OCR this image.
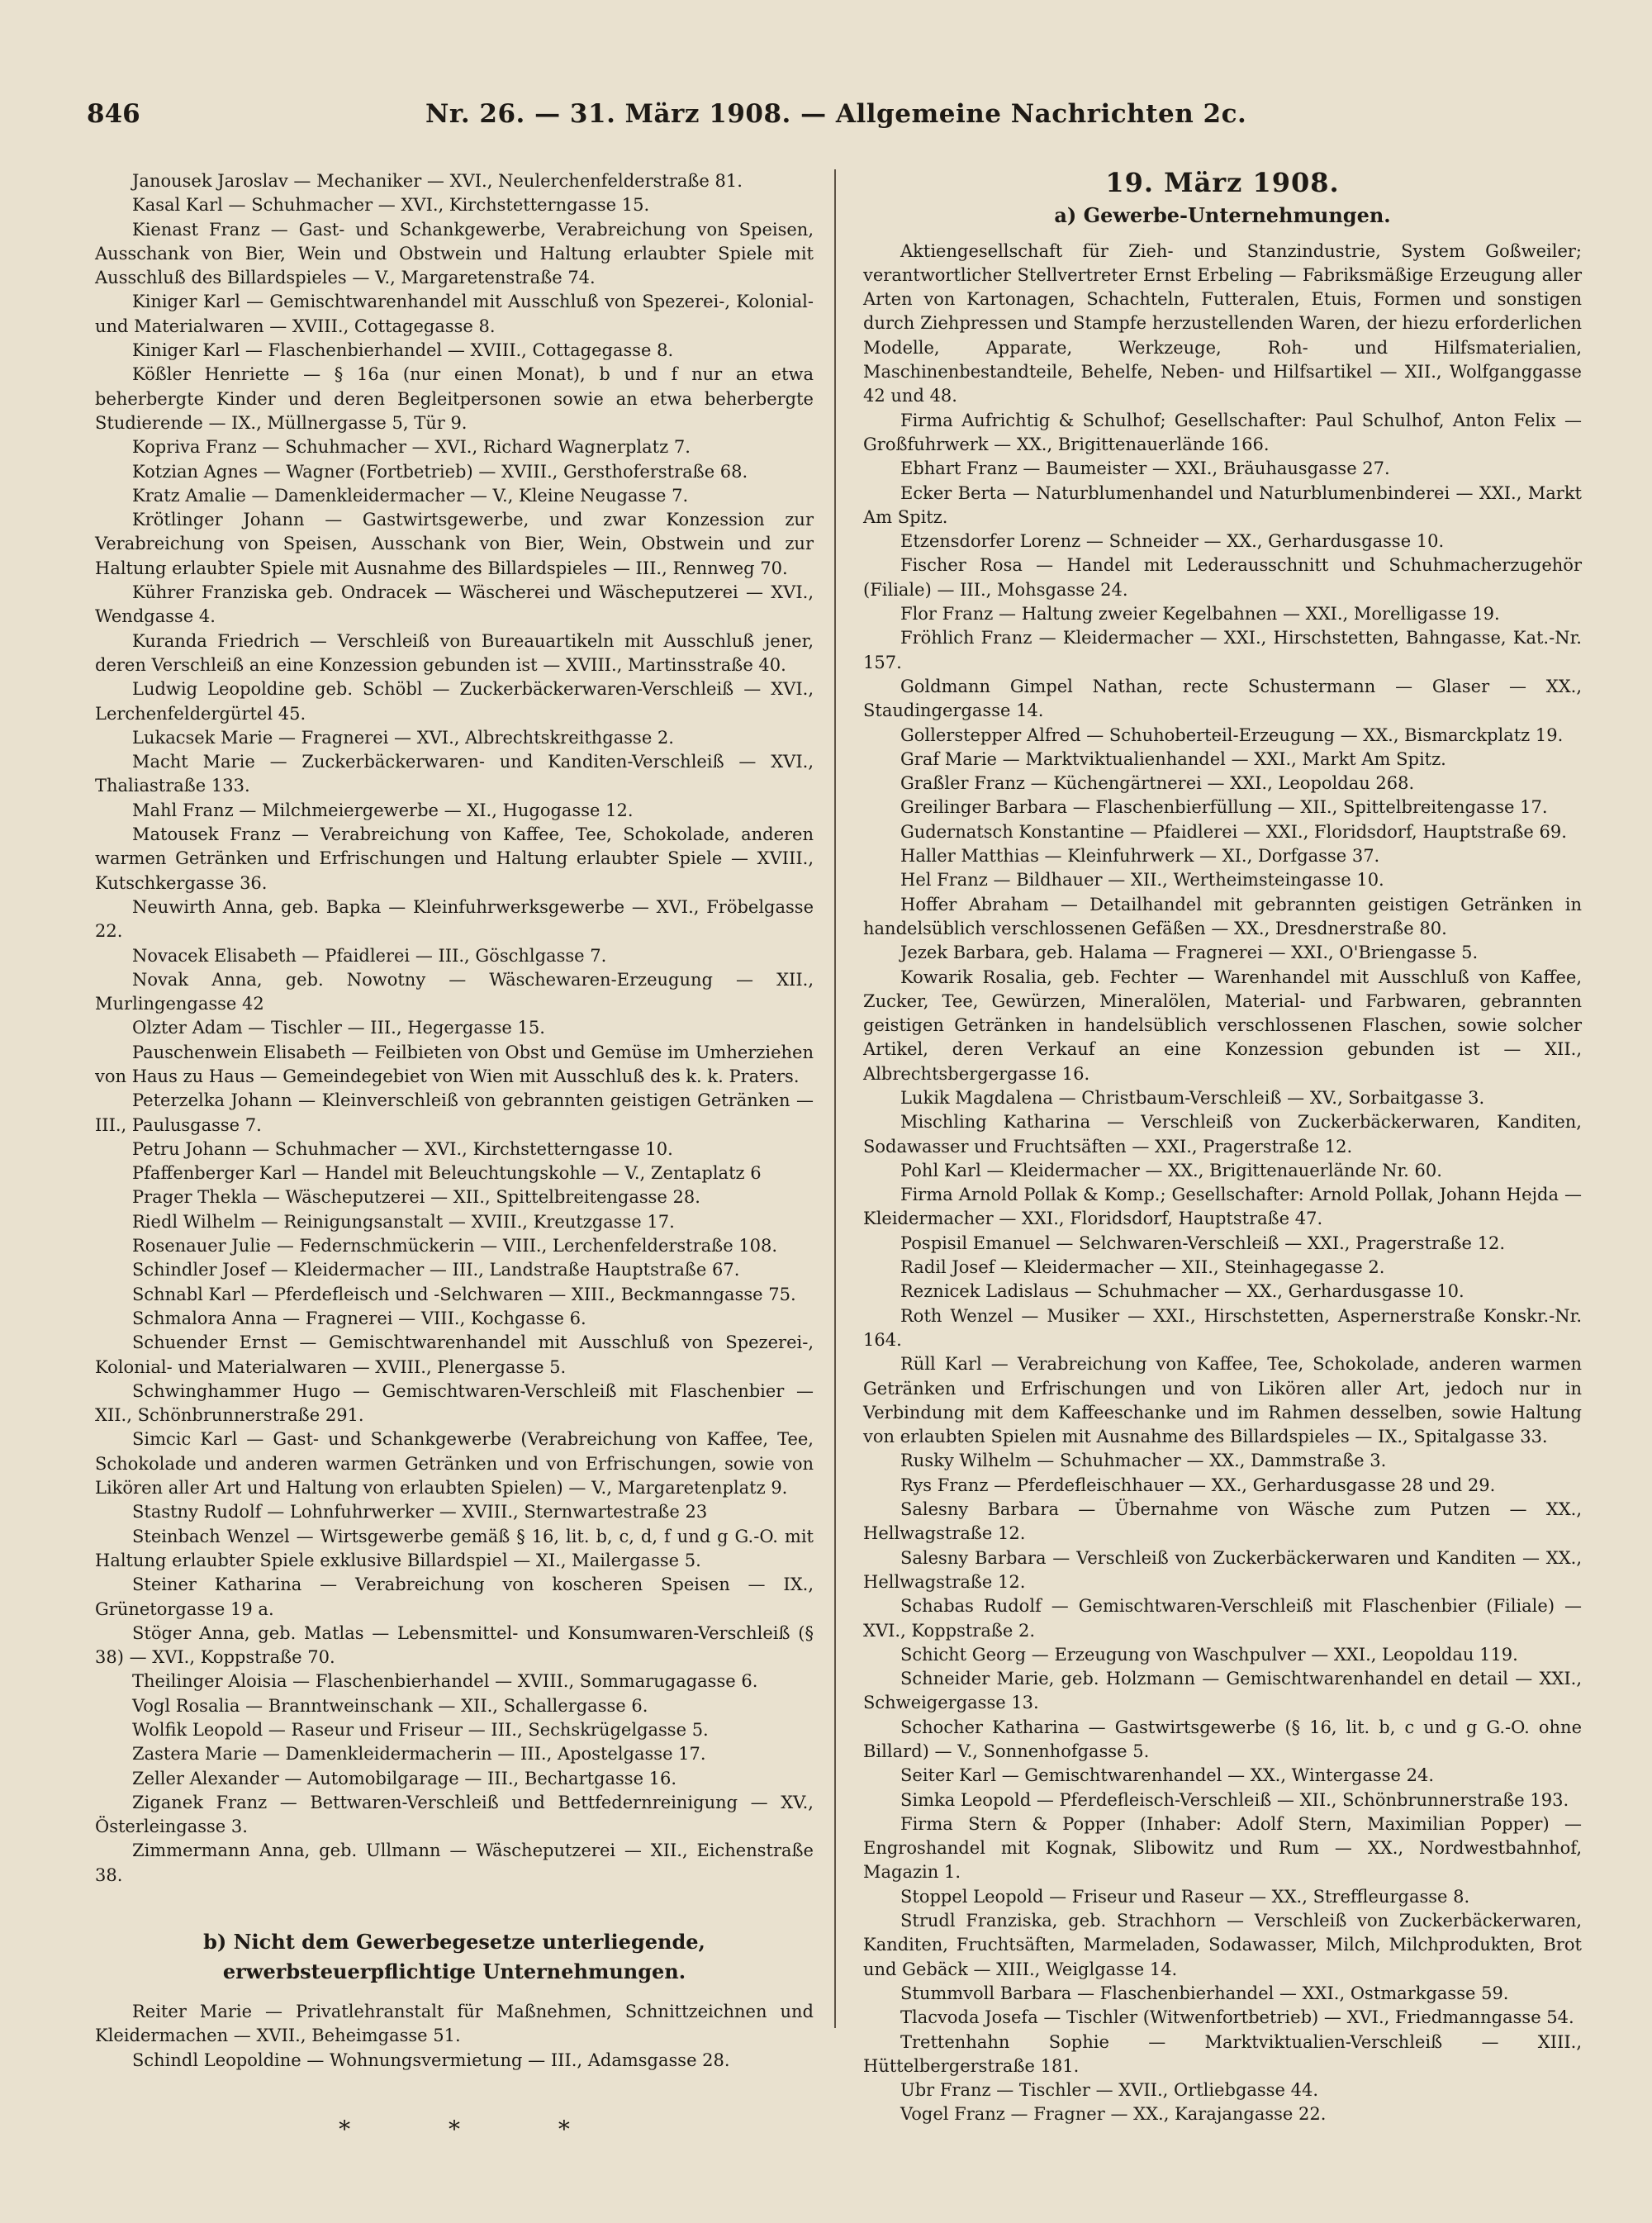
846	Nr. 26. — 31. März 1908. — Allgemeine Nachrichten 2c.

Janousek Jaroslav — Mechaniker — XVI., Neulerchenfelderstraße 81.

Kasal Karl — Schuhmacher — XVI., Kirchstetterngasse 15.

Kienast Franz — Gast- und Schankgewerbe, Verabreichung von Speisen, Ausschank von Bier, Wein und Obstwein und Haltung erlaubter Spiele mit Ausschluß des Billardspieles — V., Margaretenstraße 74.

Kiniger Karl — Gemischtwarenhandel mit Ausschluß von Spezerei-, Kolonial- und Materialwaren — XVIII., Cottagegasse 8.

Kiniger Karl — Flaschenbierhandel — XVIII., Cottagegasse 8.

Kößler Henriette — § 16a (nur einen Monat), b und f nur an etwa beherbergte Kinder und deren Begleitpersonen sowie an etwa beherbergte Studierende — IX., Müllnergasse 5, Tür 9.

Kopriva Franz — Schuhmacher — XVI., Richard Wagnerplatz 7.

Kotzian Agnes — Wagner (Fortbetrieb) — XVIII., Gersthoferstraße 68.

Kratz Amalie — Damenkleidermacher — V., Kleine Neugasse 7.

Krötlinger Johann — Gastwirtsgewerbe, und zwar Konzession zur Verabreichung von Speisen, Ausschank von Bier, Wein, Obstwein und zur Haltung erlaubter Spiele mit Ausnahme des Billardspieles — III., Rennweg 70.

Kührer Franziska geb. Ondracek — Wäscherei und Wäscheputzerei — XVI., Wendgasse 4.

Kuranda Friedrich — Verschleiß von Bureauartikeln mit Ausschluß jener, deren Verschleiß an eine Konzession gebunden ist — XVIII., Martinsstraße 40.

Ludwig Leopoldine geb. Schöbl — Zuckerbäckerwaren-Verschleiß — XVI., Lerchenfeldergürtel 45.

Lukacsek Marie — Fragnerei — XVI., Albrechtskreithgasse 2.

Macht Marie — Zuckerbäckerwaren- und Kanditen-Verschleiß — XVI., Thaliastraße 133.

Mahl Franz — Milchmeiergewerbe — XI., Hugogasse 12.

Matousek Franz — Verabreichung von Kaffee, Tee, Schokolade, anderen warmen Getränken und Erfrischungen und Haltung erlaubter Spiele — XVIII., Kutschkergasse 36.

Neuwirth Anna, geb. Bapka — Kleinfuhrwerksgewerbe — XVI., Fröbelgasse 22.

Novacek Elisabeth — Pfaidlerei — III., Göschlgasse 7.

Novak Anna, geb. Nowotny — Wäschewaren-Erzeugung — XII., Murlingengasse 42

Olzter Adam — Tischler — III., Hegergasse 15.

Pauschenwein Elisabeth — Feilbieten von Obst und Gemüse im Umherziehen von Haus zu Haus — Gemeindegebiet von Wien mit Ausschluß des k. k. Praters.

Peterzelka Johann — Kleinverschleiß von gebrannten geistigen Getränken — III., Paulusgasse 7.

Petru Johann — Schuhmacher — XVI., Kirchstetterngasse 10.

Pfaffenberger Karl — Handel mit Beleuchtungskohle — V., Zentaplatz 6

Prager Thekla — Wäscheputzerei — XII., Spittelbreitengasse 28.

Riedl Wilhelm — Reinigungsanstalt — XVIII., Kreutzgasse 17.

Rosenauer Julie — Federnschmückerin — VIII., Lerchenfelderstraße 108.

Schindler Josef — Kleidermacher — III., Landstraße Hauptstraße 67.

Schnabl Karl — Pferdefleisch und -Selchwaren — XIII., Beckmanngasse 75.

Schmalora Anna — Fragnerei — VIII., Kochgasse 6.

Schuender Ernst — Gemischtwarenhandel mit Ausschluß von Spezerei-, Kolonial- und Materialwaren — XVIII., Plenergasse 5.

Schwinghammer Hugo — Gemischtwaren-Verschleiß mit Flaschenbier — XII., Schönbrunnerstraße 291.

Simcic Karl — Gast- und Schankgewerbe (Verabreichung von Kaffee, Tee, Schokolade und anderen warmen Getränken und von Erfrischungen, sowie von Likören aller Art und Haltung von erlaubten Spielen) — V., Margaretenplatz 9.

Stastny Rudolf — Lohnfuhrwerker — XVIII., Sternwartestraße 23

Steinbach Wenzel — Wirtsgewerbe gemäß § 16, lit. b, c, d, f und g G.-O. mit Haltung erlaubter Spiele exklusive Billardspiel — XI., Mailergasse 5.

Steiner Katharina — Verabreichung von koscheren Speisen — IX., Grünetorgasse 19 a.

Stöger Anna, geb. Matlas — Lebensmittel- und Konsumwaren-Verschleiß (§ 38) — XVI., Koppstraße 70.

Theilinger Aloisia — Flaschenbierhandel — XVIII., Sommarugagasse 6.

Vogl Rosalia — Branntweinschank — XII., Schallergasse 6.

Wolfik Leopold — Raseur und Friseur — III., Sechskrügelgasse 5.

Zastera Marie — Damenkleidermacherin — III., Apostelgasse 17.

Zeller Alexander — Automobilgarage — III., Bechartgasse 16.

Ziganek Franz — Bettwaren-Verschleiß und Bettfedernreinigung — XV., Österleingasse 3.

Zimmermann Anna, geb. Ullmann — Wäscheputzerei — XII., Eichenstraße 38.

b) Nicht dem Gewerbegesetze unterliegende, erwerbsteuerpflichtige Unternehmungen.

Reiter Marie — Privatlehranstalt für Maßnehmen, Schnittzeichnen und Kleidermachen — XVII., Beheimgasse 51.

Schindl Leopoldine — Wohnungsvermietung — III., Adamsgasse 28.

* * *
19. März 1908.
a) Gewerbe-Unternehmungen.

Aktiengesellschaft für Zieh- und Stanzindustrie, System Goßweiler; verantwortlicher Stellvertreter Ernst Erbeling — Fabriksmäßige Erzeugung aller Arten von Kartonagen, Schachteln, Futteralen, Etuis, Formen und sonstigen durch Ziehpressen und Stampfe herzustellenden Waren, der hiezu erforderlichen Modelle, Apparate, Werkzeuge, Roh- und Hilfsmaterialien, Maschinenbestandteile, Behelfe, Neben- und Hilfsartikel — XII., Wolfganggasse 42 und 48.

Firma Aufrichtig & Schulhof; Gesellschafter: Paul Schulhof, Anton Felix — Großfuhrwerk — XX., Brigittenauerlände 166.

Ebhart Franz — Baumeister — XXI., Bräuhausgasse 27.

Ecker Berta — Naturblumenhandel und Naturblumenbinderei — XXI., Markt Am Spitz.

Etzensdorfer Lorenz — Schneider — XX., Gerhardusgasse 10.

Fischer Rosa — Handel mit Lederausschnitt und Schuhmacherzugehör (Filiale) — III., Mohsgasse 24.

Flor Franz — Haltung zweier Kegelbahnen — XXI., Morelligasse 19.

Fröhlich Franz — Kleidermacher — XXI., Hirschstetten, Bahngasse, Kat.-Nr. 157.

Goldmann Gimpel Nathan, recte Schustermann — Glaser — XX., Staudingergasse 14.

Gollerstepper Alfred — Schuhoberteil-Erzeugung — XX., Bismarckplatz 19.

Graf Marie — Marktviktualienhandel — XXI., Markt Am Spitz.

Graßler Franz — Küchengärtnerei — XXI., Leopoldau 268.

Greilinger Barbara — Flaschenbierfüllung — XII., Spittelbreitengasse 17.

Gudernatsch Konstantine — Pfaidlerei — XXI., Floridsdorf, Hauptstraße 69.

Haller Matthias — Kleinfuhrwerk — XI., Dorfgasse 37.

Hel Franz — Bildhauer — XII., Wertheimsteingasse 10.

Hoffer Abraham — Detailhandel mit gebrannten geistigen Getränken in handelsüblich verschlossenen Gefäßen — XX., Dresdnerstraße 80.

Jezek Barbara, geb. Halama — Fragnerei — XXI., O'Briengasse 5.

Kowarik Rosalia, geb. Fechter — Warenhandel mit Ausschluß von Kaffee, Zucker, Tee, Gewürzen, Mineralölen, Material- und Farbwaren, gebrannten geistigen Getränken in handelsüblich verschlossenen Flaschen, sowie solcher Artikel, deren Verkauf an eine Konzession gebunden ist — XII., Albrechtsbergergasse 16.

Lukik Magdalena — Christbaum-Verschleiß — XV., Sorbaitgasse 3.

Mischling Katharina — Verschleiß von Zuckerbäckerwaren, Kanditen, Sodawasser und Fruchtsäften — XXI., Pragerstraße 12.

Pohl Karl — Kleidermacher — XX., Brigittenauerlände Nr. 60.

Firma Arnold Pollak & Komp.; Gesellschafter: Arnold Pollak, Johann Hejda — Kleidermacher — XXI., Floridsdorf, Hauptstraße 47.

Pospisil Emanuel — Selchwaren-Verschleiß — XXI., Pragerstraße 12.

Radil Josef — Kleidermacher — XII., Steinhagegasse 2.

Reznicek Ladislaus — Schuhmacher — XX., Gerhardusgasse 10.

Roth Wenzel — Musiker — XXI., Hirschstetten, Aspernerstraße Konskr.-Nr. 164.

Rüll Karl — Verabreichung von Kaffee, Tee, Schokolade, anderen warmen Getränken und Erfrischungen und von Likören aller Art, jedoch nur in Verbindung mit dem Kaffeeschanke und im Rahmen desselben, sowie Haltung von erlaubten Spielen mit Ausnahme des Billardspieles — IX., Spitalgasse 33.

Rusky Wilhelm — Schuhmacher — XX., Dammstraße 3.

Rys Franz — Pferdefleischhauer — XX., Gerhardusgasse 28 und 29.

Salesny Barbara — Übernahme von Wäsche zum Putzen — XX., Hellwagstraße 12.

Salesny Barbara — Verschleiß von Zuckerbäckerwaren und Kanditen — XX., Hellwagstraße 12.

Schabas Rudolf — Gemischtwaren-Verschleiß mit Flaschenbier (Filiale) — XVI., Koppstraße 2.

Schicht Georg — Erzeugung von Waschpulver — XXI., Leopoldau 119.

Schneider Marie, geb. Holzmann — Gemischtwarenhandel en detail — XXI., Schweigergasse 13.

Schocher Katharina — Gastwirtsgewerbe (§ 16, lit. b, c und g G.-O. ohne Billard) — V., Sonnenhofgasse 5.

Seiter Karl — Gemischtwarenhandel — XX., Wintergasse 24.

Simka Leopold — Pferdefleisch-Verschleiß — XII., Schönbrunnerstraße 193.

Firma Stern & Popper (Inhaber: Adolf Stern, Maximilian Popper) — Engroshandel mit Kognak, Slibowitz und Rum — XX., Nordwestbahnhof, Magazin 1.

Stoppel Leopold — Friseur und Raseur — XX., Streffleurgasse 8.

Strudl Franziska, geb. Strachhorn — Verschleiß von Zuckerbäckerwaren, Kanditen, Fruchtsäften, Marmeladen, Sodawasser, Milch, Milchprodukten, Brot und Gebäck — XIII., Weiglgasse 14.

Stummvoll Barbara — Flaschenbierhandel — XXI., Ostmarkgasse 59.

Tlacvoda Josefa — Tischler (Witwenfortbetrieb) — XVI., Friedmanngasse 54.

Trettenhahn Sophie — Marktviktualien-Verschleiß — XIII., Hüttelbergerstraße 181.

Ubr Franz — Tischler — XVII., Ortliebgasse 44.

Vogel Franz — Fragner — XX., Karajangasse 22.
